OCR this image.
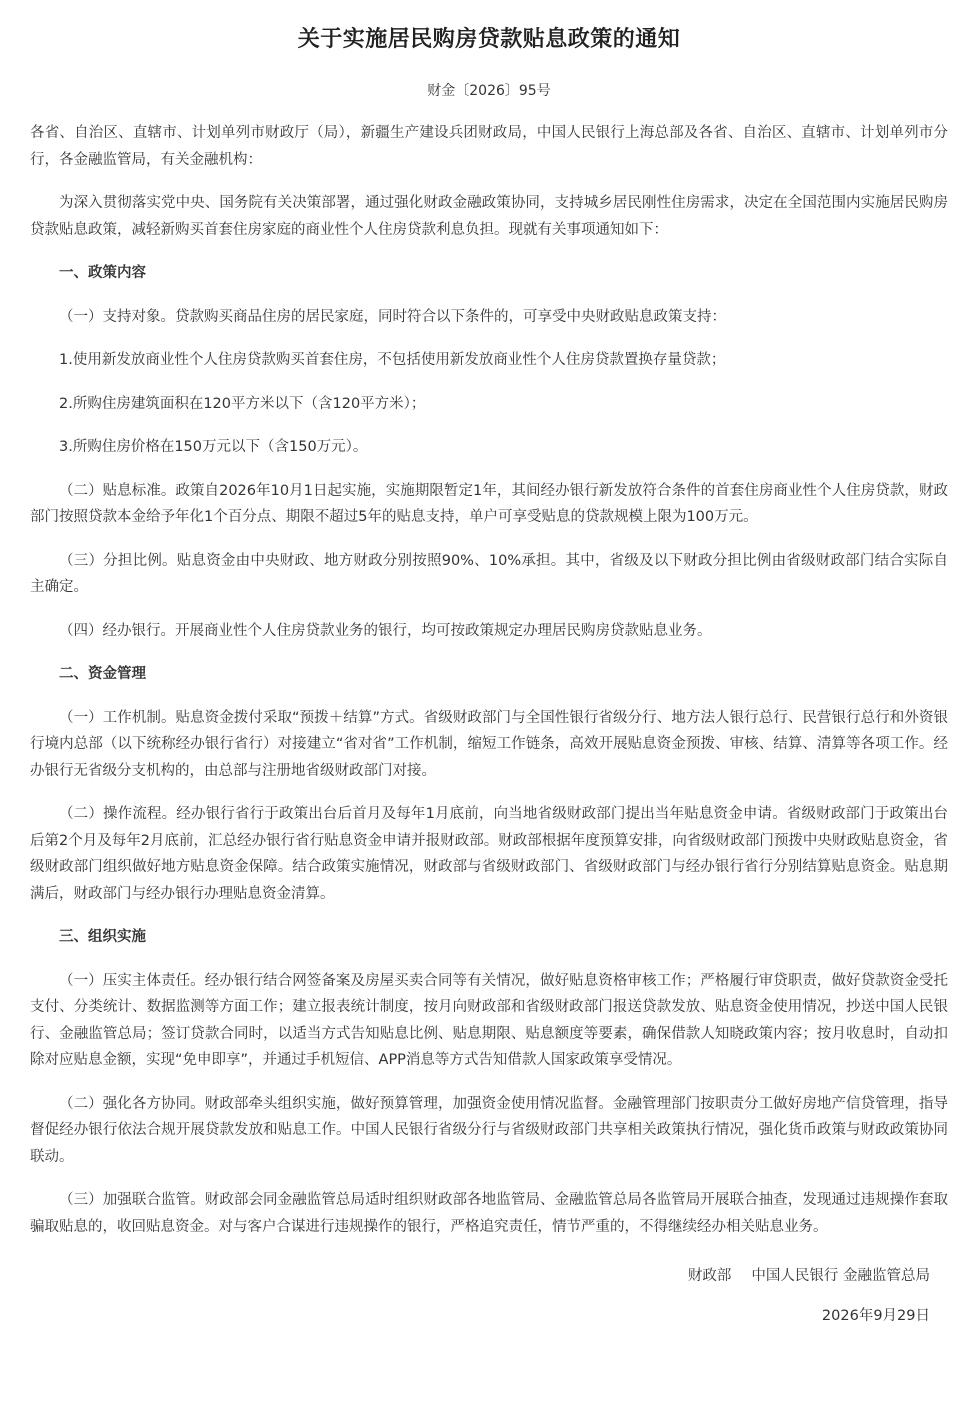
关于实施居民购房贷款贴息政策的通知
财金〔2026〕95号

各省、自治区、直辖市、计划单列市财政厅（局），新疆生产建设兵团财政局，中国人民银行上海总部及各省、自治区、直辖市、计划单列市分行，各金融监管局，有关金融机构：

为深入贯彻落实党中央、国务院有关决策部署，通过强化财政金融政策协同，支持城乡居民刚性住房需求，决定在全国范围内实施居民购房贷款贴息政策，减轻新购买首套住房家庭的商业性个人住房贷款利息负担。现就有关事项通知如下：

一、政策内容

（一）支持对象。贷款购买商品住房的居民家庭，同时符合以下条件的，可享受中央财政贴息政策支持：

1.使用新发放商业性个人住房贷款购买首套住房，不包括使用新发放商业性个人住房贷款置换存量贷款；

2.所购住房建筑面积在120平方米以下（含120平方米）；

3.所购住房价格在150万元以下（含150万元）。

（二）贴息标准。政策自2026年10月1日起实施，实施期限暂定1年，其间经办银行新发放符合条件的首套住房商业性个人住房贷款，财政部门按照贷款本金给予年化1个百分点、期限不超过5年的贴息支持，单户可享受贴息的贷款规模上限为100万元。

（三）分担比例。贴息资金由中央财政、地方财政分别按照90%、10%承担。其中，省级及以下财政分担比例由省级财政部门结合实际自主确定。

（四）经办银行。开展商业性个人住房贷款业务的银行，均可按政策规定办理居民购房贷款贴息业务。

二、资金管理

（一）工作机制。贴息资金拨付采取“预拨＋结算”方式。省级财政部门与全国性银行省级分行、地方法人银行总行、民营银行总行和外资银行境内总部（以下统称经办银行省行）对接建立“省对省”工作机制，缩短工作链条，高效开展贴息资金预拨、审核、结算、清算等各项工作。经办银行无省级分支机构的，由总部与注册地省级财政部门对接。

（二）操作流程。经办银行省行于政策出台后首月及每年1月底前，向当地省级财政部门提出当年贴息资金申请。省级财政部门于政策出台后第2个月及每年2月底前，汇总经办银行省行贴息资金申请并报财政部。财政部根据年度预算安排，向省级财政部门预拨中央财政贴息资金，省级财政部门组织做好地方贴息资金保障。结合政策实施情况，财政部与省级财政部门、省级财政部门与经办银行省行分别结算贴息资金。贴息期满后，财政部门与经办银行办理贴息资金清算。

三、组织实施

（一）压实主体责任。经办银行结合网签备案及房屋买卖合同等有关情况，做好贴息资格审核工作；严格履行审贷职责，做好贷款资金受托支付、分类统计、数据监测等方面工作；建立报表统计制度，按月向财政部和省级财政部门报送贷款发放、贴息资金使用情况，抄送中国人民银行、金融监管总局；签订贷款合同时，以适当方式告知贴息比例、贴息期限、贴息额度等要素，确保借款人知晓政策内容；按月收息时，自动扣除对应贴息金额，实现“免申即享”，并通过手机短信、APP消息等方式告知借款人国家政策享受情况。

（二）强化各方协同。财政部牵头组织实施，做好预算管理，加强资金使用情况监督。金融管理部门按职责分工做好房地产信贷管理，指导督促经办银行依法合规开展贷款发放和贴息工作。中国人民银行省级分行与省级财政部门共享相关政策执行情况，强化货币政策与财政政策协同联动。

（三）加强联合监管。财政部会同金融监管总局适时组织财政部各地监管局、金融监管总局各监管局开展联合抽查，发现通过违规操作套取骗取贴息的，收回贴息资金。对与客户合谋进行违规操作的银行，严格追究责任，情节严重的，不得继续经办相关贴息业务。

财政部 中国人民银行 金融监管总局
2026年9月29日
